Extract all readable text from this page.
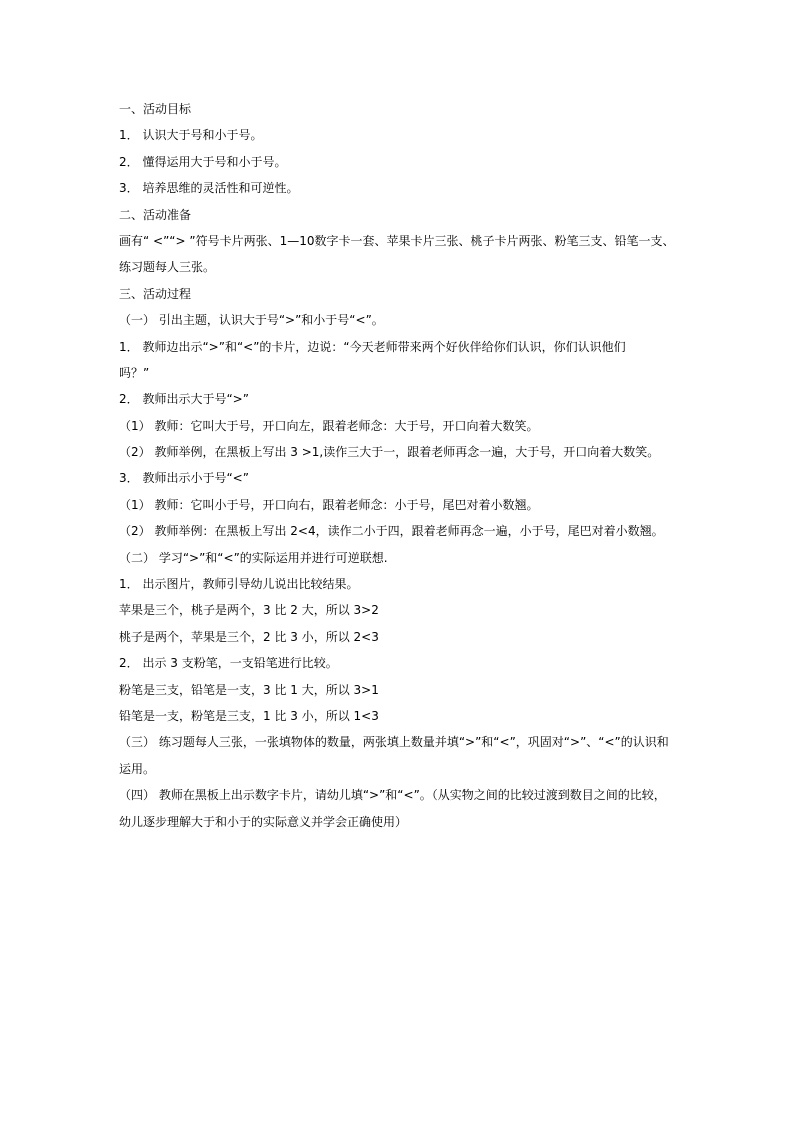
一、活动目标
1． 认识大于号和小于号。
2． 懂得运用大于号和小于号。
3． 培养思维的灵活性和可逆性。
二、活动准备
画有“ <”“> ”符号卡片两张、1—10数字卡一套、苹果卡片三张、桃子卡片两张、粉笔三支、铅笔一支、
练习题每人三张。
三、活动过程
（一） 引出主题，认识大于号“>”和小于号“<”。
1． 教师边出示“>”和“<”的卡片，边说：“今天老师带来两个好伙伴给你们认识，你们认识他们
吗？”
2． 教师出示大于号“>”
（1） 教师：它叫大于号，开口向左，跟着老师念：大于号，开口向着大数笑。
（2） 教师举例，在黑板上写出 3 >1,读作三大于一，跟着老师再念一遍，大于号，开口向着大数笑。
3． 教师出示小于号“<”
（1） 教师：它叫小于号，开口向右，跟着老师念：小于号，尾巴对着小数翘。
（2） 教师举例：在黑板上写出 2<4，读作二小于四，跟着老师再念一遍，小于号，尾巴对着小数翘。
（二） 学习“>”和“<”的实际运用并进行可逆联想.
1． 出示图片，教师引导幼儿说出比较结果。
苹果是三个，桃子是两个，3 比 2 大，所以 3>2
桃子是两个，苹果是三个，2 比 3 小，所以 2<3
2． 出示 3 支粉笔，一支铅笔进行比较。
粉笔是三支，铅笔是一支，3 比 1 大，所以 3>1
铅笔是一支，粉笔是三支，1 比 3 小，所以 1<3
（三） 练习题每人三张，一张填物体的数量，两张填上数量并填“>”和“<”，巩固对“>”、“<”的认识和
运用。
（四） 教师在黑板上出示数字卡片，请幼儿填“>”和“<”。（从实物之间的比较过渡到数目之间的比较，
幼儿逐步理解大于和小于的实际意义并学会正确使用）
